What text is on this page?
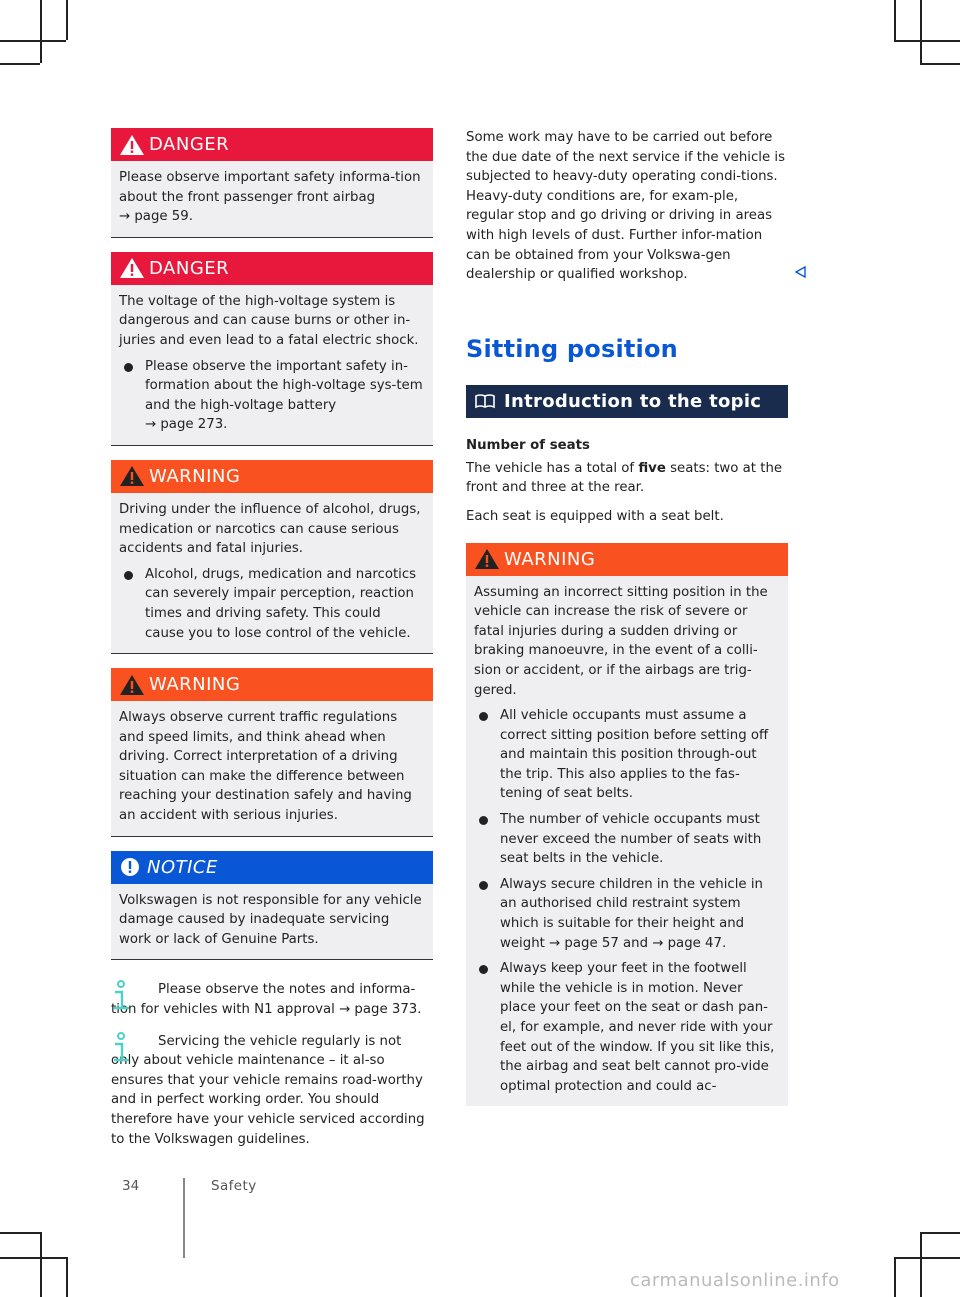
DANGER

Please observe important safety informa-tion about the front passenger front airbag
→ page 59.

DANGER

The voltage of the high-voltage system is dangerous and can cause burns or other in-juries and even lead to a fatal electric shock.

Please observe the important safety in-formation about the high-voltage sys-tem and the high-voltage battery
→ page 273.
WARNING

Driving under the influence of alcohol, drugs, medication or narcotics can cause serious accidents and fatal injuries.

Alcohol, drugs, medication and narcotics can severely impair perception, reaction times and driving safety. This could cause you to lose control of the vehicle.
WARNING

Always observe current traffic regulations and speed limits, and think ahead when driving. Correct interpretation of a driving situation can make the difference between reaching your destination safely and having an accident with serious injuries.

NOTICE

Volkswagen is not responsible for any vehicle damage caused by inadequate servicing work or lack of Genuine Parts.

Please observe the notes and informa-tion for vehicles with N1 approval → page 373.

Servicing the vehicle regularly is not only about vehicle maintenance – it al-so ensures that your vehicle remains road-worthy and in perfect working order. You should therefore have your vehicle serviced according to the Volkswagen guidelines.

Some work may have to be carried out before the due date of the next service if the vehicle is subjected to heavy-duty operating condi-tions. Heavy-duty conditions are, for exam-ple, regular stop and go driving or driving in areas with high levels of dust. Further infor-mation can be obtained from your Volkswa-gen dealership or qualified workshop.

Sitting position
Introduction to the topic

Number of seats

The vehicle has a total of five seats: two at the front and three at the rear.

Each seat is equipped with a seat belt.

WARNING

Assuming an incorrect sitting position in the vehicle can increase the risk of severe or fatal injuries during a sudden driving or braking manoeuvre, in the event of a colli-sion or accident, or if the airbags are trig-gered.

All vehicle occupants must assume a correct sitting position before setting off and maintain this position through-out the trip. This also applies to the fas-tening of seat belts.
The number of vehicle occupants must never exceed the number of seats with seat belts in the vehicle.
Always secure children in the vehicle in an authorised child restraint system which is suitable for their height and weight → page 57 and → page 47.
Always keep your feet in the footwell while the vehicle is in motion. Never place your feet on the seat or dash pan-el, for example, and never ride with your feet out of the window. If you sit like this, the airbag and seat belt cannot pro-vide optimal protection and could ac-
34	Safety
carmanualsonline.info
